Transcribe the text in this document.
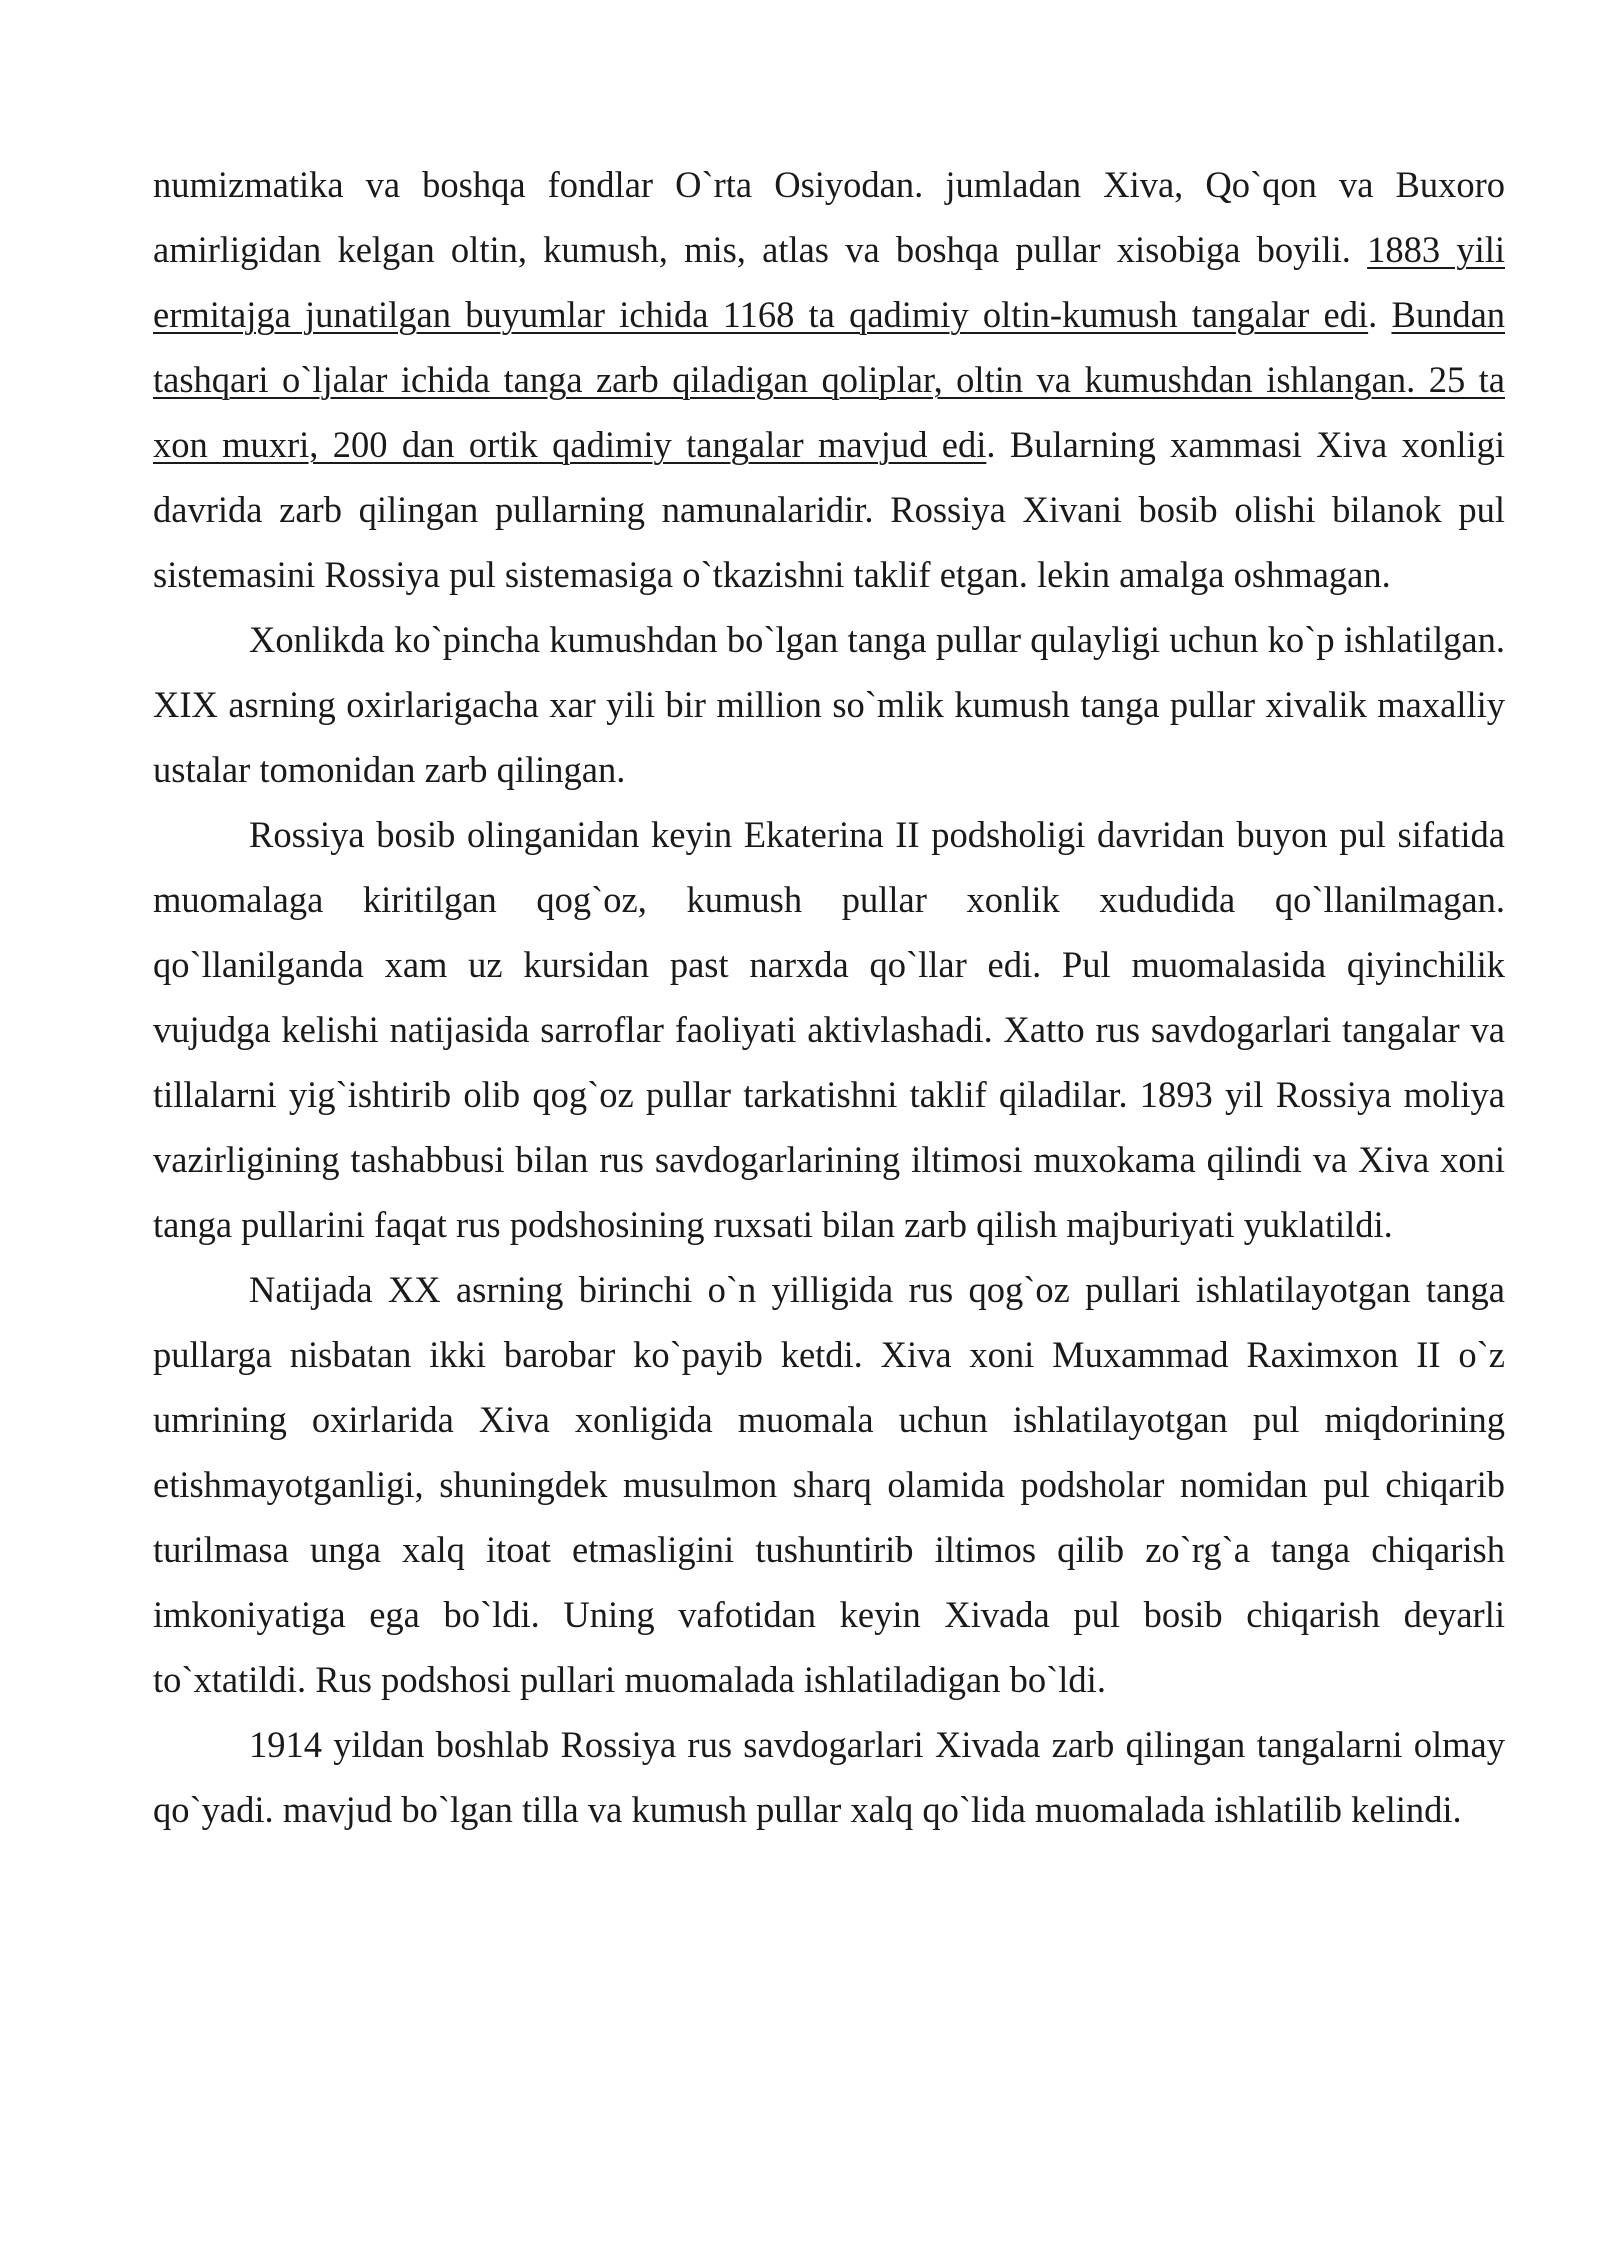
numizmatika va boshqa fondlar O`rta Osiyodan. jumladan Xiva, Qo`qon va Buxoro amirligidan kelgan oltin, kumush, mis, atlas va boshqa pullar xisobiga boyili. 1883 yili ermitajga junatilgan buyumlar ichida 1168 ta qadimiy oltin-kumush tangalar edi. Bundan tashqari o`ljalar ichida tanga zarb qiladigan qoliplar, oltin va kumushdan ishlangan. 25 ta xon muxri, 200 dan ortik qadimiy tangalar mavjud edi. Bularning xammasi Xiva xonligi davrida zarb qilingan pullarning namunalaridir. Rossiya Xivani bosib olishi bilanok pul sistemasini Rossiya pul sistemasiga o`tkazishni taklif etgan. lekin amalga oshmagan.

Xonlikda ko`pincha kumushdan bo`lgan tanga pullar qulayligi uchun ko`p ishlatilgan. XIX asrning oxirlarigacha xar yili bir million so`mlik kumush tanga pullar xivalik maxalliy ustalar tomonidan zarb qilingan.

Rossiya bosib olinganidan keyin Ekaterina II podsholigi davridan buyon pul sifatida muomalaga kiritilgan qog`oz, kumush pullar xonlik xududida qo`llanilmagan. qo`llanilganda xam uz kursidan past narxda qo`llar edi. Pul muomalasida qiyinchilik vujudga kelishi natijasida sarroflar faoliyati aktivlashadi. Xatto rus savdogarlari tangalar va tillalarni yig`ishtirib olib qog`oz pullar tarkatishni taklif qiladilar. 1893 yil Rossiya moliya vazirligining tashabbusi bilan rus savdogarlarining iltimosi muxokama qilindi va Xiva xoni tanga pullarini faqat rus podshosining ruxsati bilan zarb qilish majburiyati yuklatildi.

Natijada XX asrning birinchi o`n yilligida rus qog`oz pullari ishlatilayotgan tanga pullarga nisbatan ikki barobar ko`payib ketdi. Xiva xoni Muxammad Raximxon II o`z umrining oxirlarida Xiva xonligida muomala uchun ishlatilayotgan pul miqdorining etishmayotganligi, shuningdek musulmon sharq olamida podsholar nomidan pul chiqarib turilmasa unga xalq itoat etmasligini tushuntirib iltimos qilib zo`rg`a tanga chiqarish imkoniyatiga ega bo`ldi. Uning vafotidan keyin Xivada pul bosib chiqarish deyarli to`xtatildi. Rus podshosi pullari muomalada ishlatiladigan bo`ldi.

1914 yildan boshlab Rossiya rus savdogarlari Xivada zarb qilingan tangalarni olmay qo`yadi. mavjud bo`lgan tilla va kumush pullar xalq qo`lida muomalada ishlatilib kelindi.
